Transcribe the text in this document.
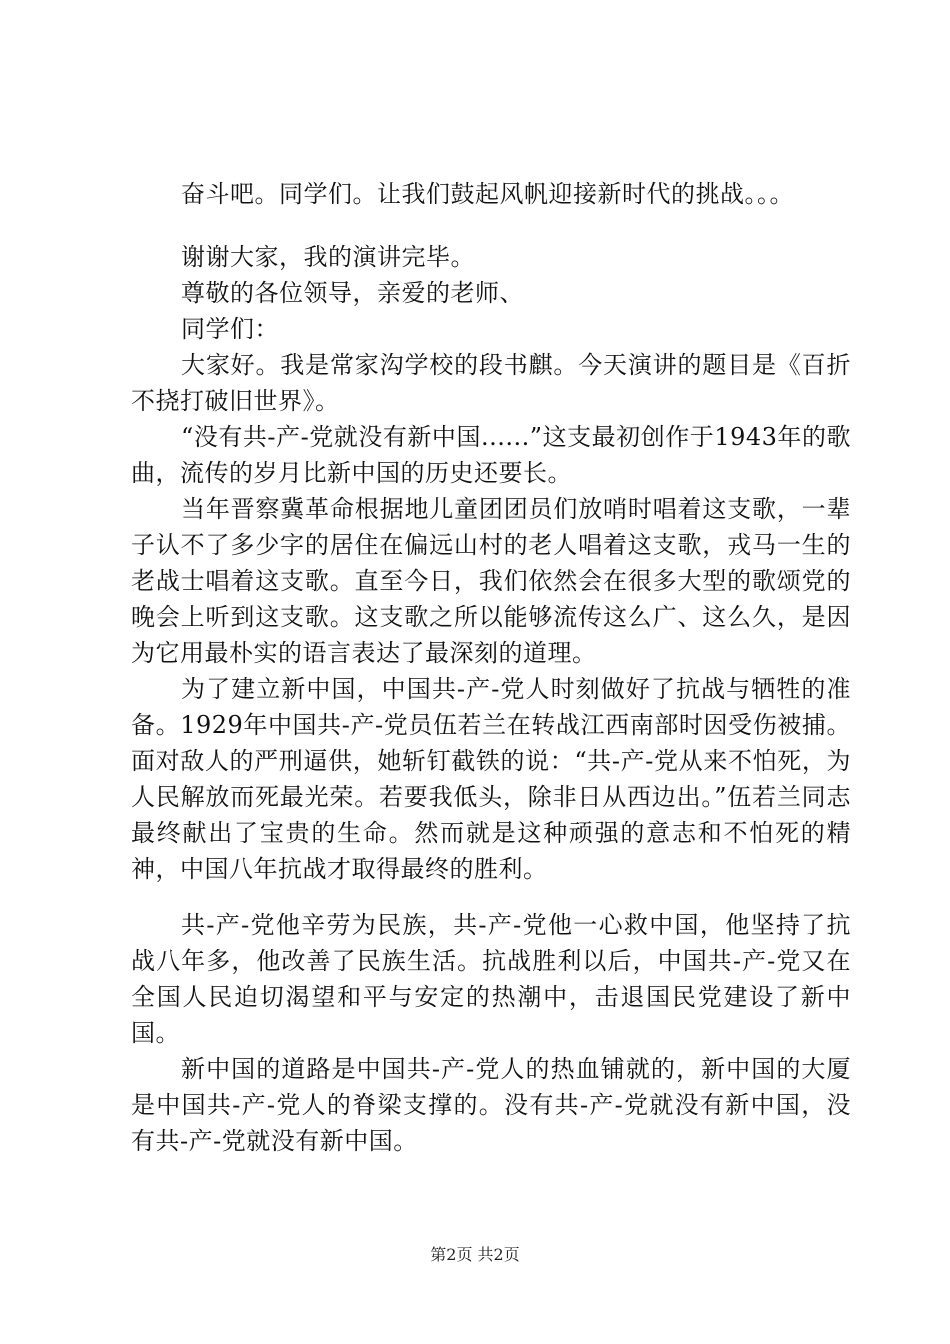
奋斗吧。同学们。让我们鼓起风帆迎接新时代的挑战。。。

谢谢大家，我的演讲完毕。

尊敬的各位领导，亲爱的老师、

同学们：

大家好。我是常家沟学校的段书麒。今天演讲的题目是《百折不挠打破旧世界》。

“没有共-产-党就没有新中国......”这支最初创作于1943年的歌曲，流传的岁月比新中国的历史还要长。

当年晋察冀革命根据地儿童团团员们放哨时唱着这支歌，一辈子认不了多少字的居住在偏远山村的老人唱着这支歌，戎马一生的老战士唱着这支歌。直至今日，我们依然会在很多大型的歌颂党的晚会上听到这支歌。这支歌之所以能够流传这么广、这么久，是因为它用最朴实的语言表达了最深刻的道理。

为了建立新中国，中国共-产-党人时刻做好了抗战与牺牲的准备。1929年中国共-产-党员伍若兰在转战江西南部时因受伤被捕。面对敌人的严刑逼供，她斩钉截铁的说：“共-产-党从来不怕死，为人民解放而死最光荣。若要我低头，除非日从西边出。”伍若兰同志最终献出了宝贵的生命。然而就是这种顽强的意志和不怕死的精神，中国八年抗战才取得最终的胜利。

共-产-党他辛劳为民族，共-产-党他一心救中国，他坚持了抗战八年多，他改善了民族生活。抗战胜利以后，中国共-产-党又在全国人民迫切渴望和平与安定的热潮中，击退国民党建设了新中国。

新中国的道路是中国共-产-党人的热血铺就的，新中国的大厦是中国共-产-党人的脊梁支撑的。没有共-产-党就没有新中国，没有共-产-党就没有新中国。

第2页 共2页
